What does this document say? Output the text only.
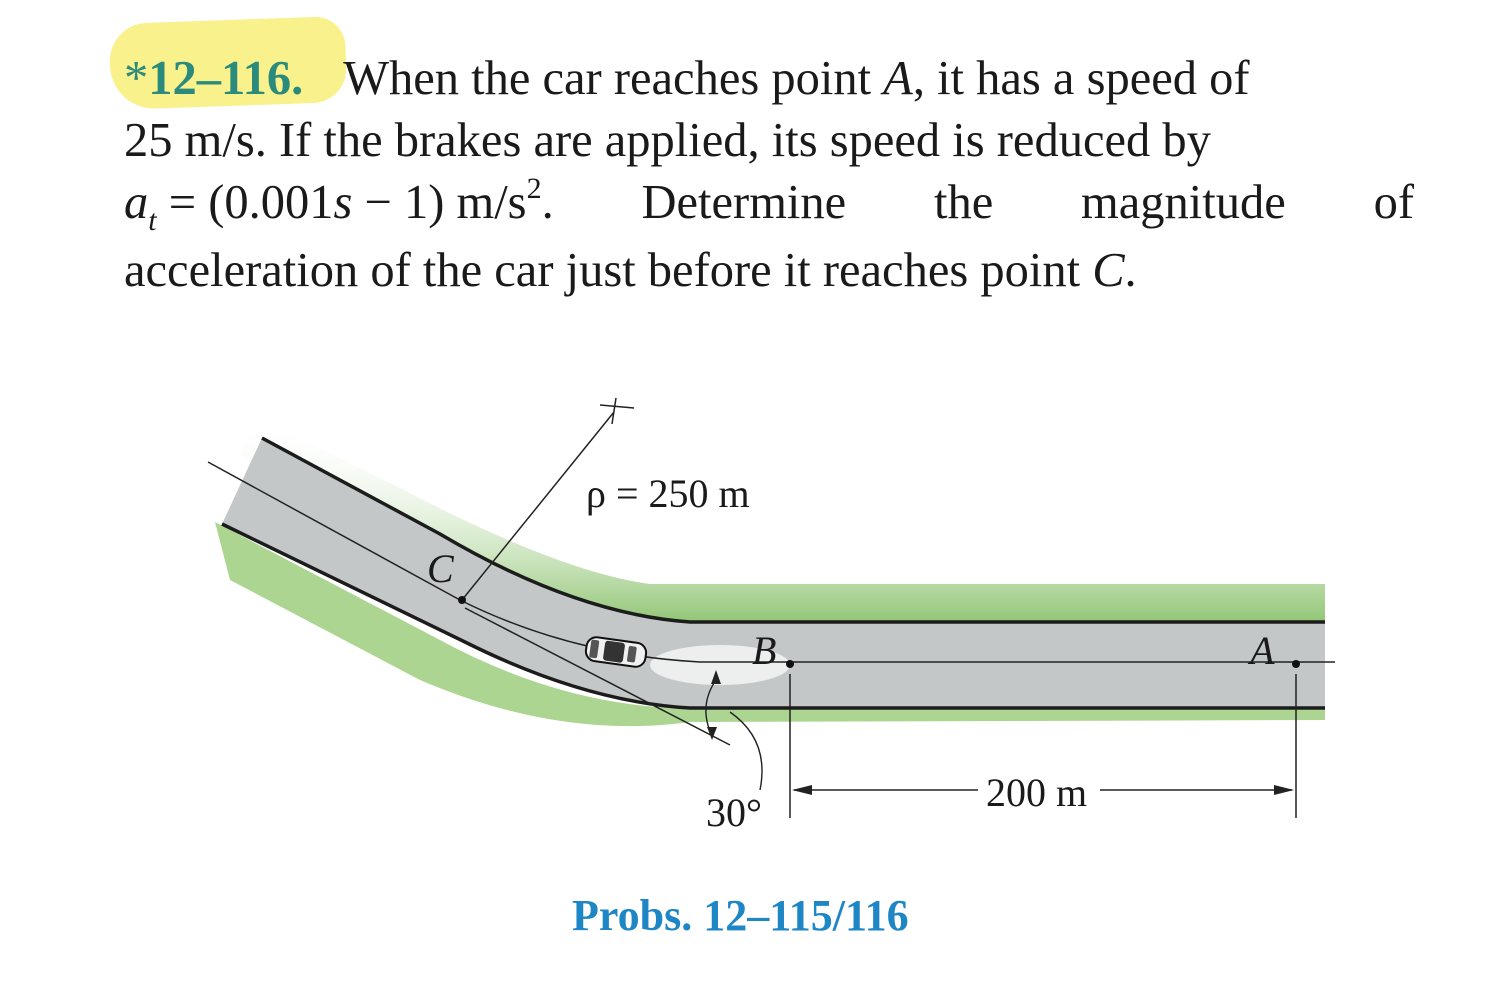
*12–116. When the car reaches point A, it has a speed of
25 m/s. If the brakes are applied, its speed is reduced by
$a_t = (0.001s - 1)$ $m/s^2$. Determine the magnitude of
acceleration of the car just before it reaches point C.
ρ = 250 m
C
B	A
30°	200 m
Probs. 12–115/116
